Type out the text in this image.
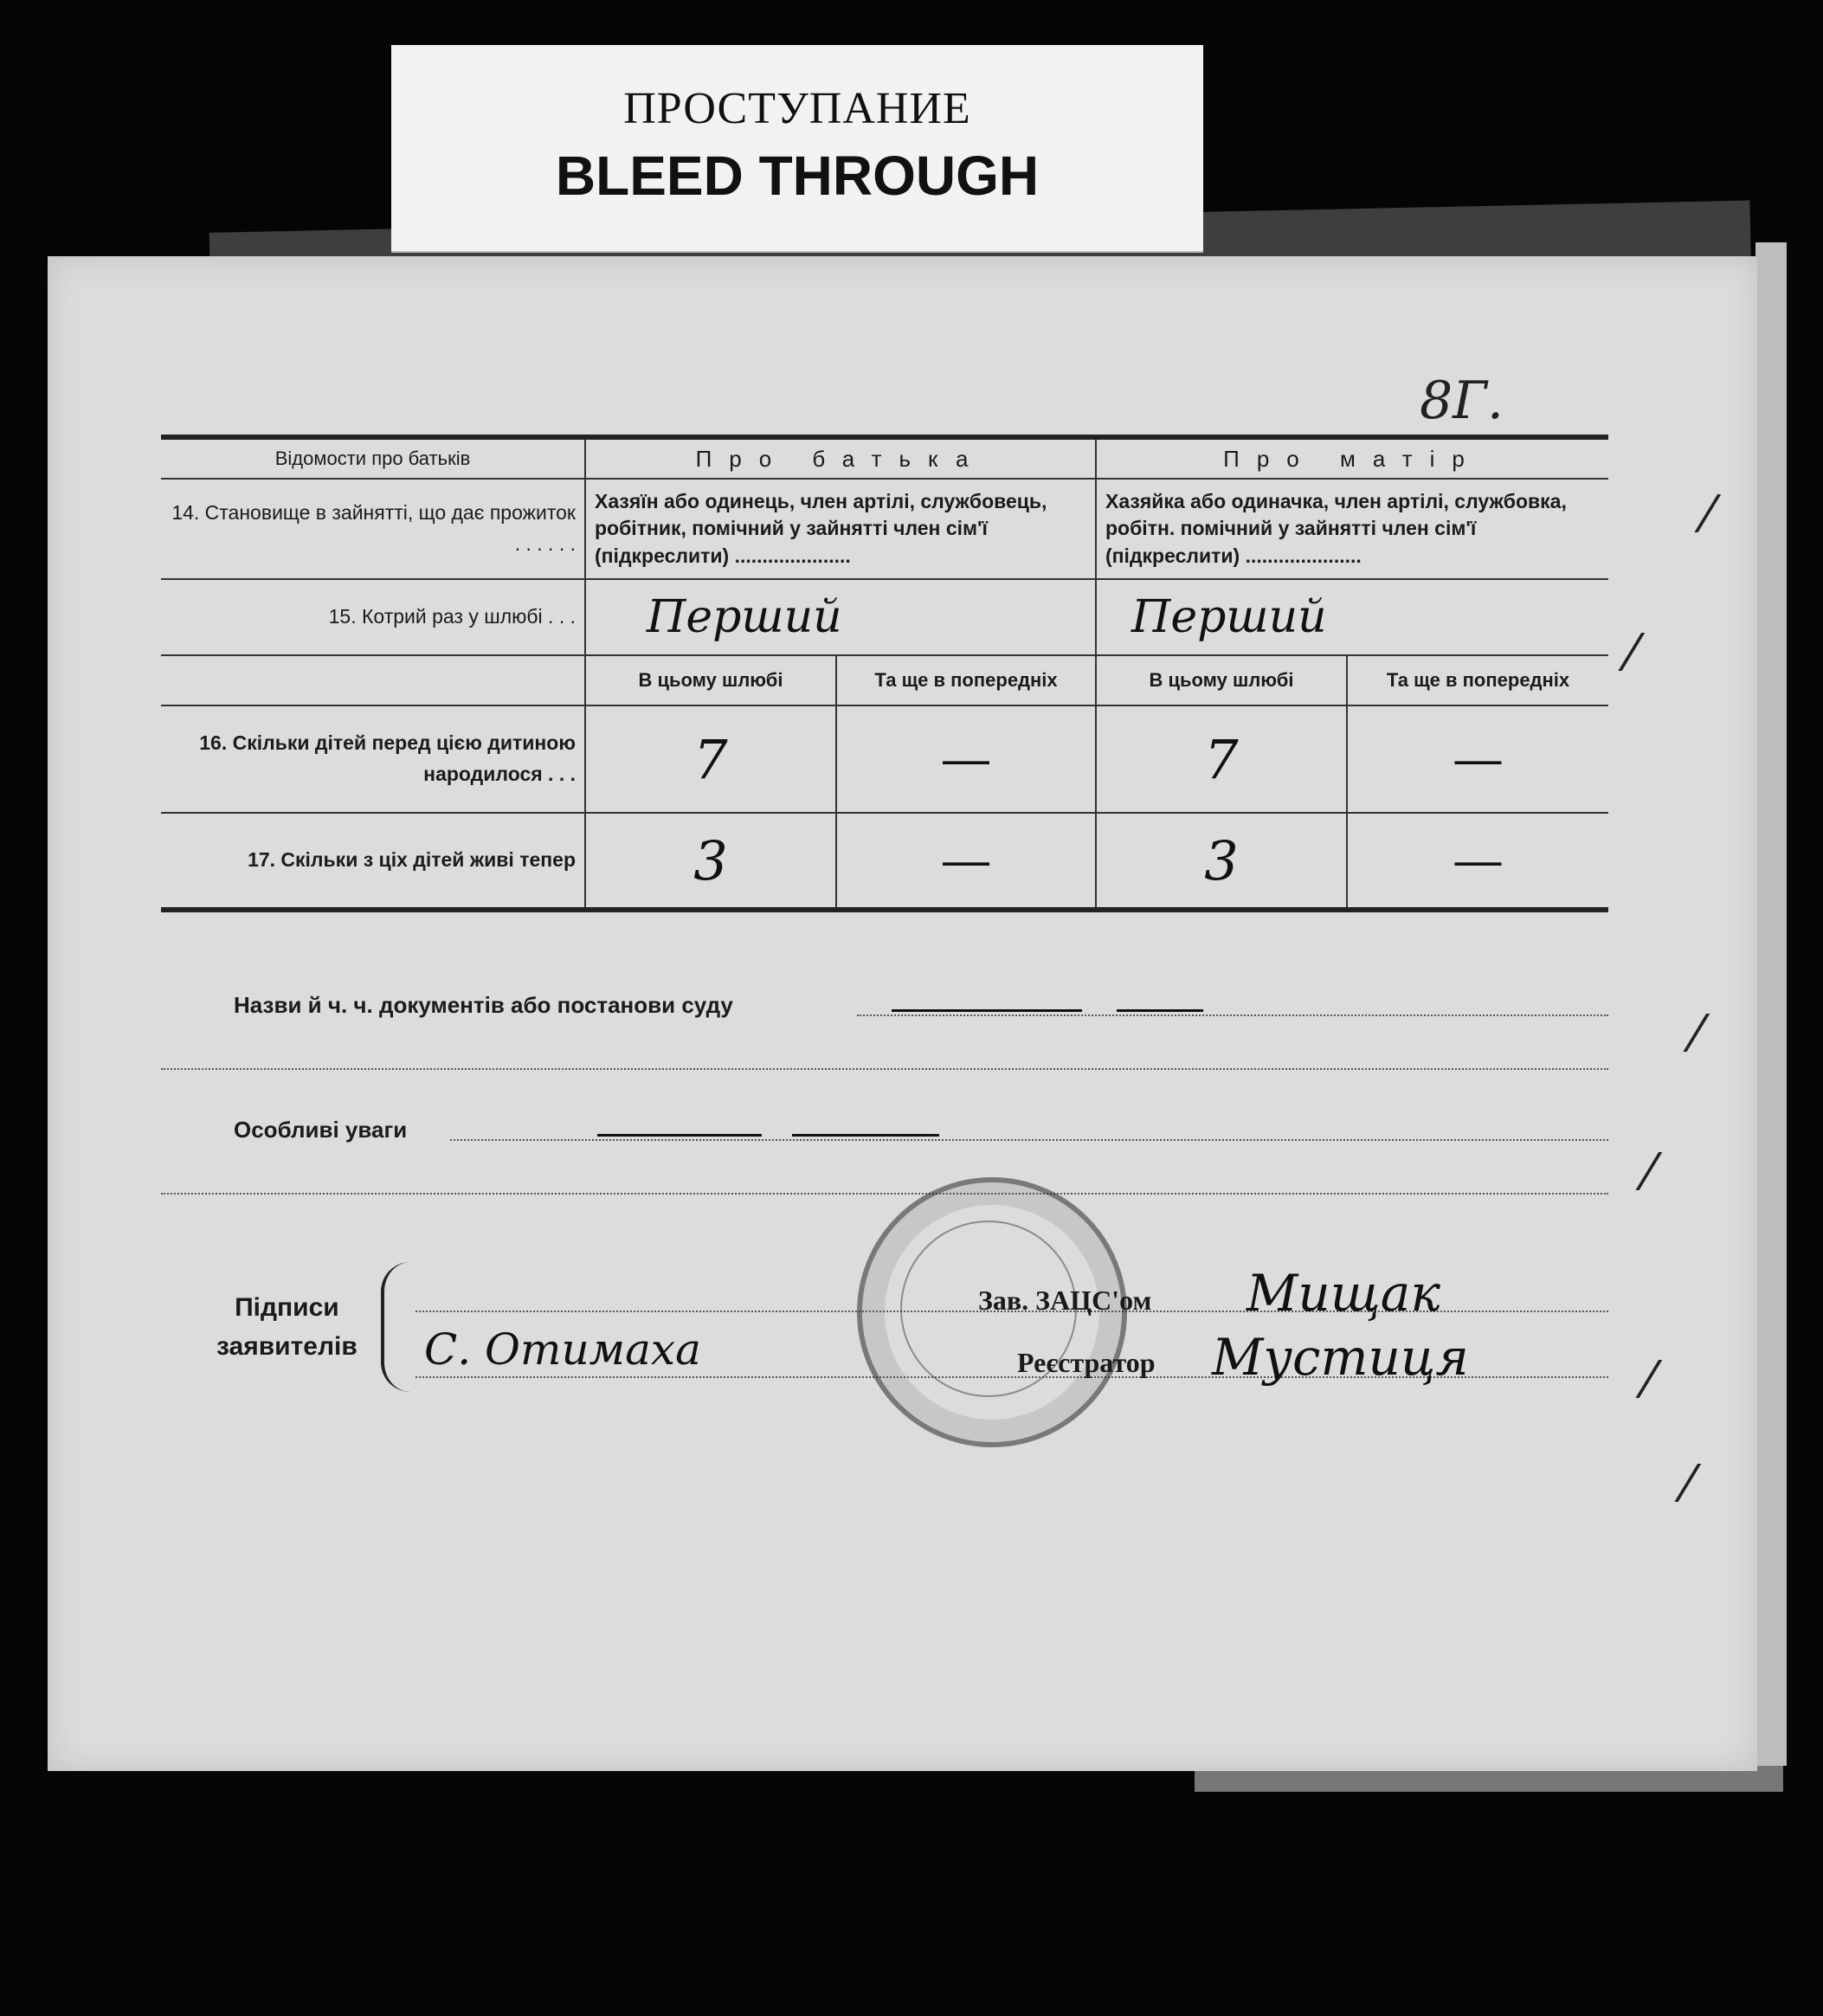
ПРОСТУПАНИЕ
BLEED THROUGH
8Г.
⁄
⁄
⁄
⁄
⁄
⁄
Відомости про батьків	Про батька		Про матір	
14. Становище в зайнятті, що дає прожиток . . . . . .	Хазяїн або одинець, член артілі, службовець, робітник, помічний у зайнятті член сім'ї (підкреслити) .....................		Хазяйка або одиначка, член артілі, службовка, робітн. помічний у зайнятті член сім'ї (підкреслити) .....................	
15. Котрий раз у шлюбі . . .	Перший		Перший	
	В цьому шлюбі	Та ще в попередніх	В цьому шлюбі	Та ще в попередніх
16. Скільки дітей перед цією дитиною народилося . . .	7	—	7	—
17. Скільки з ціх дітей живі тепер	3	—	3	—
Назви й ч. ч. документів або постанови суду
Особливі уваги
Підписи
заявителів С. Отимаха
Зав. ЗАЦС'ом Мищак
Реєстратор Мустиця
